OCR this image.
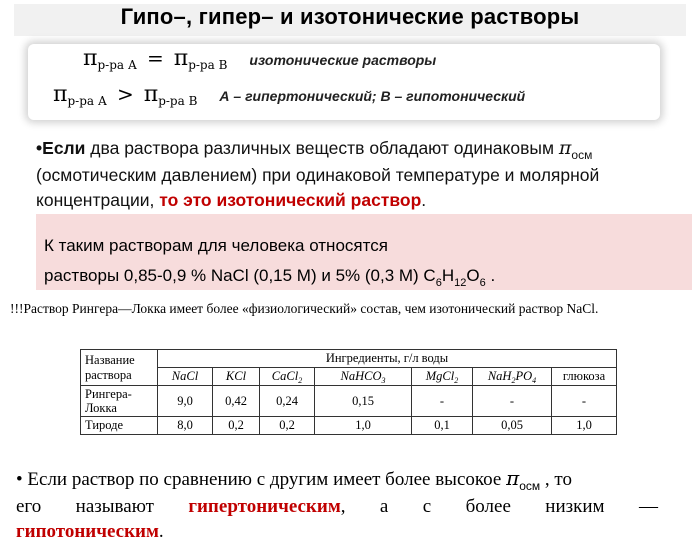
Гипо–, гипер– и изотонические растворы
$\pi_{р-ра А} = \pi_{р-ра В}$ изотонические растворы
$\pi_{р-ра А} > \pi_{р-ра В}$ А – гипертонический; В – гипотонический
•Если два раствора различных веществ обладают одинаковым $\pi_{осм}$ (осмотическим давлением) при одинаковой температуре и молярной концентрации, то это изотонический раствор.
К таким растворам для человека относятся
растворы 0,85-0,9 % NaCl (0,15 М) и 5% (0,3 М) $C_6H_{12}O_6$ .
!!!Раствор Рингера—Локка имеет более «физиологический» состав, чем изотонический раствор NaCl.
Название раствора	Ингредиенты, г/л воды						
	NaCl	KCl	CaCl$_2$	NaHCO$_3$	MgCl$_2$	$NaH_2PO_4$	глюкоза
Рингера-Локка	9,0	0,42	0,24	0,15	-	-	-
Тироде	8,0	0,2	0,2	1,0	0,1	0,05	1,0
• Если раствор по сравнению с другим имеет более высокое $\pi_{осм}$ , то
его называют гипертоническим, а с более низким —
гипотоническим.
